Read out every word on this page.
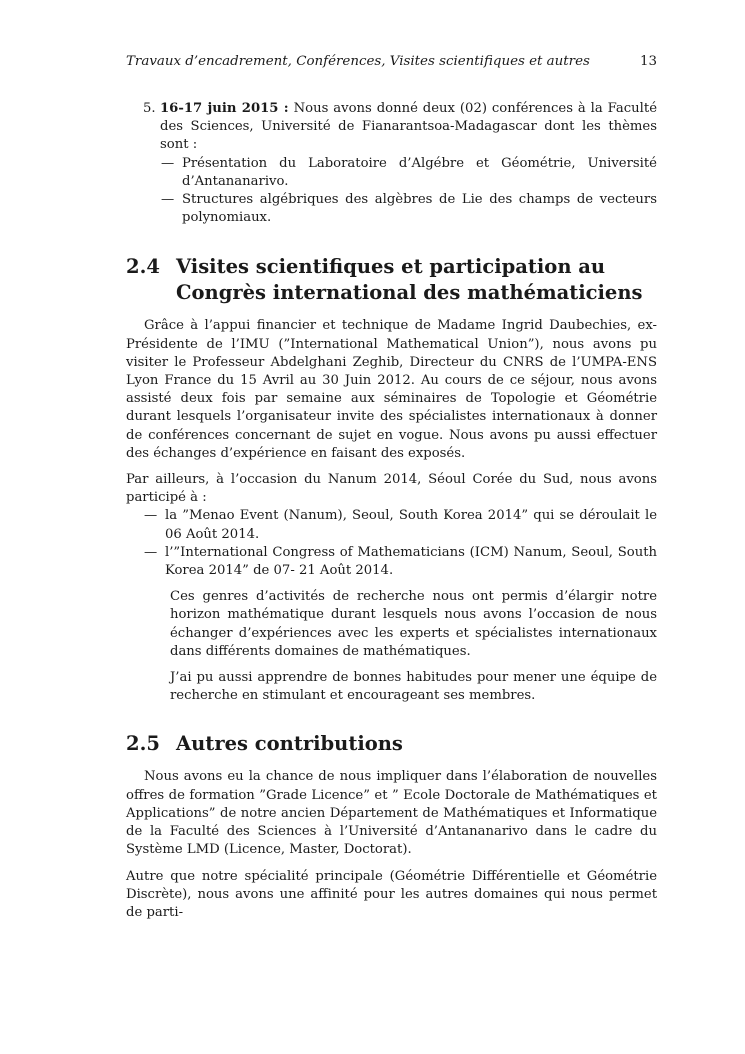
Travaux d’encadrement, Conférences, Visites scientifiques et autres	13
5. 16-17 juin 2015 : Nous avons donné deux (02) conférences à la Faculté des Sciences, Université de Fianarantsoa-Madagascar dont les thèmes sont :

— Présentation du Laboratoire d’Algébre et Géométrie, Université d’Antananarivo.
— Structures algébriques des algèbres de Lie des champs de vecteurs polynomiaux.
2.4 Visites scientifiques et participation au Congrès international des mathématiciens

Grâce à l’appui financier et technique de Madame Ingrid Daubechies, ex-Présidente de l’IMU (”International Mathematical Union”), nous avons pu visiter le Professeur Abdelghani Zeghib, Directeur du CNRS de l’UMPA-ENS Lyon France du 15 Avril au 30 Juin 2012. Au cours de ce séjour, nous avons assisté deux fois par semaine aux séminaires de Topologie et Géométrie durant lesquels l’organisateur invite des spécialistes internationaux à donner de conférences concernant de sujet en vogue. Nous avons pu aussi effectuer des échanges d’expérience en faisant des exposés.

Par ailleurs, à l’occasion du Nanum 2014, Séoul Corée du Sud, nous avons participé à :

— la ”Menao Event (Nanum), Seoul, South Korea 2014” qui se déroulait le 06 Août 2014.
— l’”International Congress of Mathematicians (ICM) Nanum, Seoul, South Korea 2014” de 07- 21 Août 2014.

Ces genres d’activités de recherche nous ont permis d’élargir notre horizon mathématique durant lesquels nous avons l’occasion de nous échanger d’expériences avec les experts et spécialistes internationaux dans différents domaines de mathématiques.

J’ai pu aussi apprendre de bonnes habitudes pour mener une équipe de recherche en stimulant et encourageant ses membres.

2.5 Autres contributions

Nous avons eu la chance de nous impliquer dans l’élaboration de nouvelles offres de formation ”Grade Licence” et ” Ecole Doctorale de Mathématiques et Applications” de notre ancien Département de Mathématiques et Informatique de la Faculté des Sciences à l’Université d’Antananarivo dans le cadre du Système LMD (Licence, Master, Doctorat).

Autre que notre spécialité principale (Géométrie Différentielle et Géométrie Discrète), nous avons une affinité pour les autres domaines qui nous permet de parti-
